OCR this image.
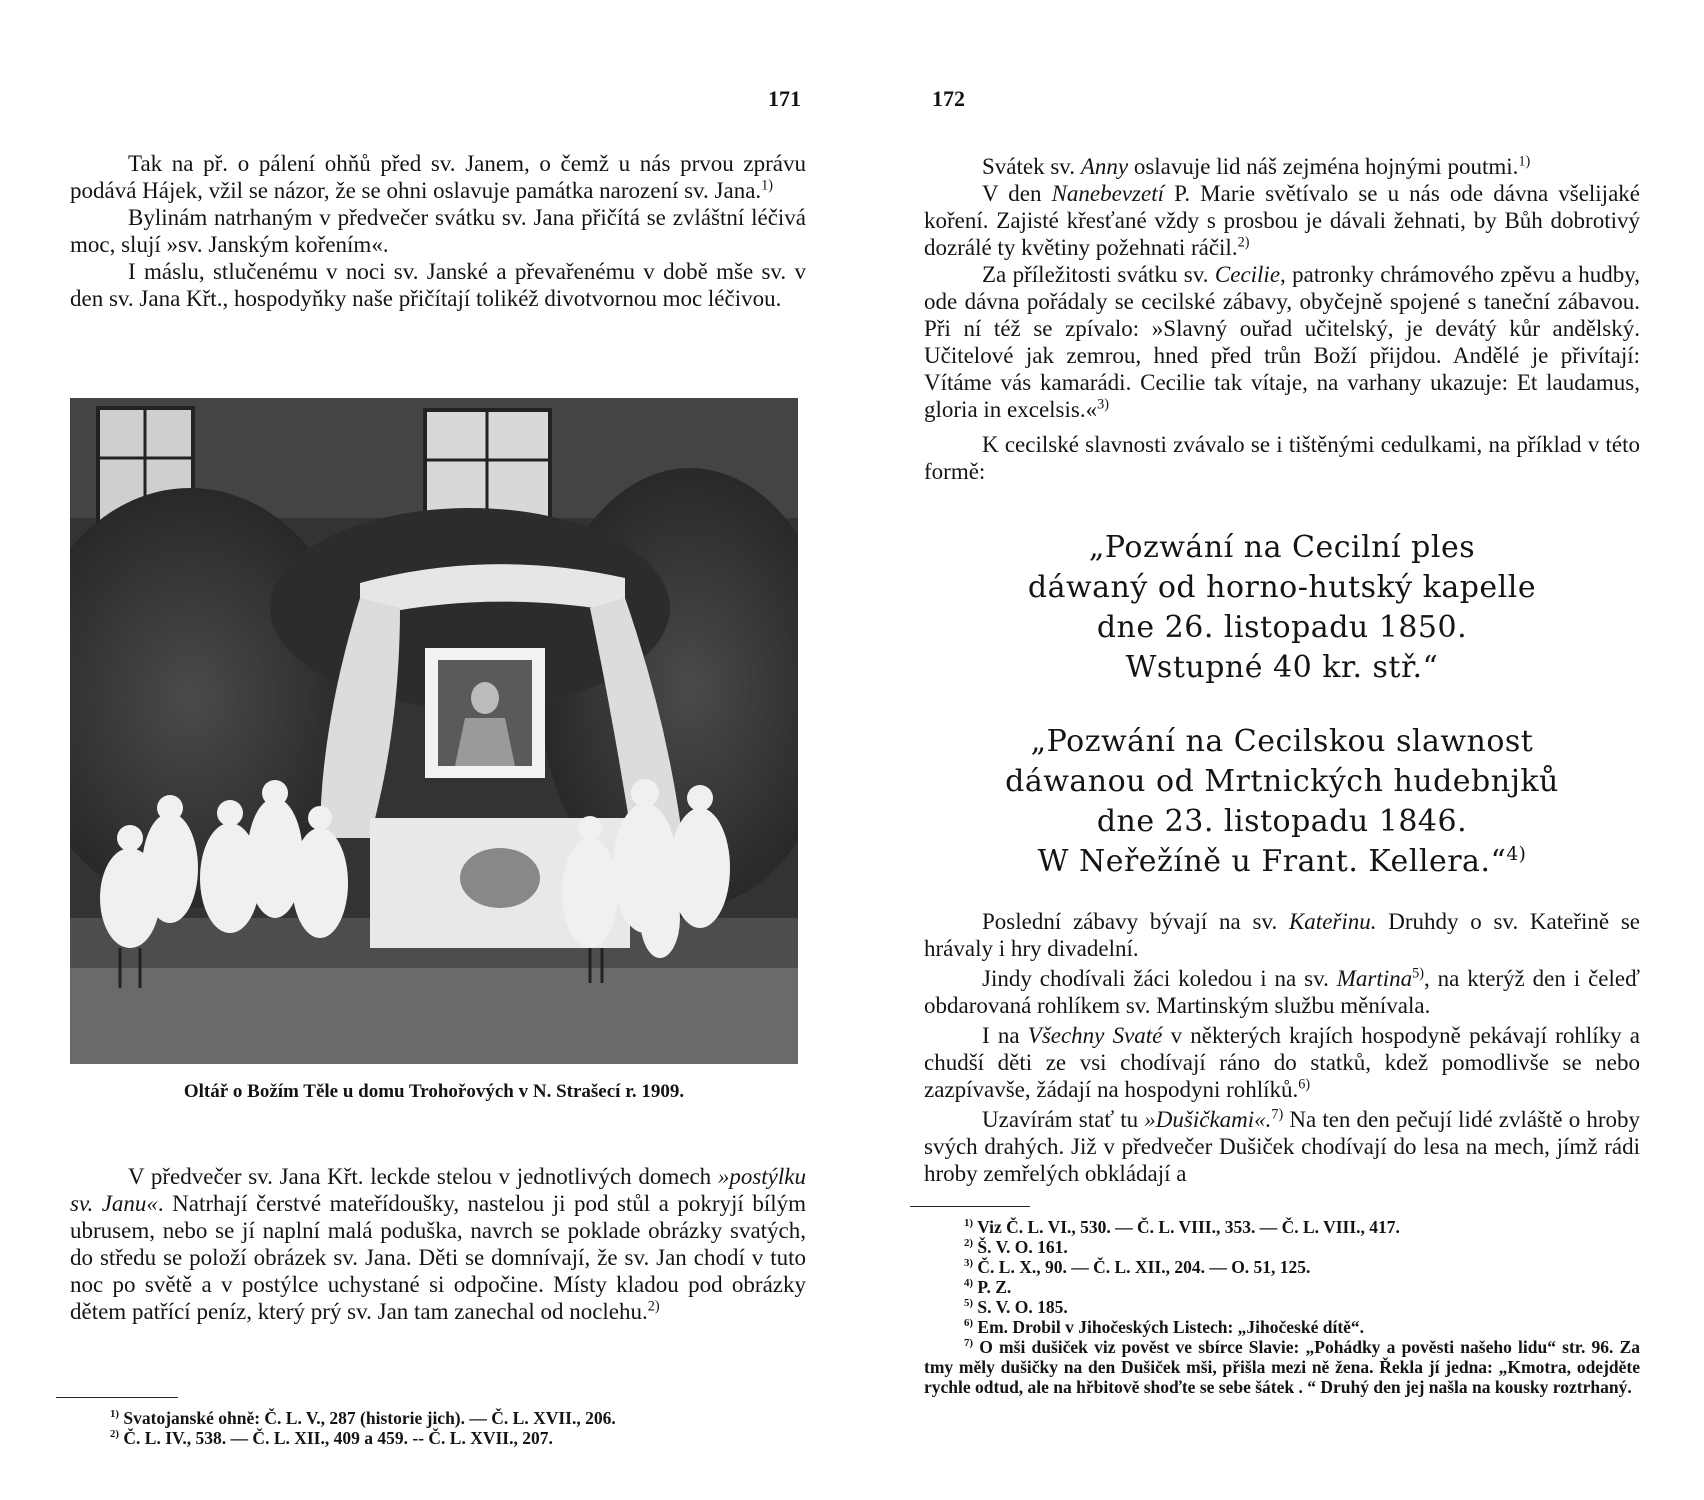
171

Tak na př. o pálení ohňů před sv. Janem, o čemž u nás prvou zprávu podává Hájek, vžil se názor, že se ohni oslavuje památka narození sv. Jana.$^{1)}$

Bylinám natrhaným v předvečer svátku sv. Jana přičítá se zvláštní léčivá moc, slují »sv. Janským kořením«.

I máslu, stlučenému v noci sv. Janské a převařenému v době mše sv. v den sv. Jana Křt., hospodyňky naše přičítají tolikéž divotvornou moc léčivou.

Oltář o Božím Těle u domu Trohořových v N. Strašecí r. 1909.

V předvečer sv. Jana Křt. leckde stelou v jednotlivých domech »postýlku sv. Janu«. Natrhají čerstvé mateřídoušky, nastelou ji pod stůl a pokryjí bílým ubrusem, nebo se jí naplní malá poduška, navrch se poklade obrázky svatých, do středu se položí obrázek sv. Jana. Děti se domnívají, že sv. Jan chodí v tuto noc po světě a v postýlce uchystané si odpočine. Místy kladou pod obrázky dětem patřící peníz, který prý sv. Jan tam zanechal od noclehu.$^{2)}$

$^{1)}$ Svatojanské ohně: Č. L. V., 287 (historie jich). — Č. L. XVII., 206.

$^{2)}$ Č. L. IV., 538. — Č. L. XII., 409 a 459. -- Č. L. XVII., 207.

172

Svátek sv. Anny oslavuje lid náš zejména hojnými poutmi.$^{1)}$

V den Nanebevzetí P. Marie světívalo se u nás ode dávna všelijaké koření. Zajisté křesťané vždy s prosbou je dávali žehnati, by Bůh dobrotivý dozrálé ty květiny požehnati ráčil.$^{2)}$

Za příležitosti svátku sv. Cecilie, patronky chrámového zpěvu a hudby, ode dávna pořádaly se cecilské zábavy, obyčejně spojené s taneční zábavou. Při ní též se zpívalo: »Slavný ouřad učitelský, je devátý kůr andělský. Učitelové jak zemrou, hned před trůn Boží přijdou. Andělé je přivítají: Vítáme vás kamarádi. Cecilie tak vítaje, na varhany ukazuje: Et laudamus, gloria in excelsis.«$^{3)}$

K cecilské slavnosti zvávalo se i tištěnými cedulkami, na příklad v této formě:

„Pozwání na Cecilní ples

dáwaný od horno-hutský kapelle

dne 26. listopadu 1850.

Wstupné 40 kr. stř.“

„Pozwání na Cecilskou slawnost

dáwanou od Mrtnických hudebnjků

dne 23. listopadu 1846.

W Neřežíně u Frant. Kellera.“$^{4)}$

Poslední zábavy bývají na sv. Kateřinu. Druhdy o sv. Kateřině se hrávaly i hry divadelní.

Jindy chodívali žáci koledou i na sv. Martina$^{5)}$, na kterýž den i čeleď obdarovaná rohlíkem sv. Martinským službu měnívala.

I na Všechny Svaté v některých krajích hospodyně pekávají rohlíky a chudší děti ze vsi chodívají ráno do statků, kdež pomodlivše se nebo zazpívavše, žádají na hospodyni rohlíků.$^{6)}$

Uzavírám stať tu »Dušičkami«.$^{7)}$ Na ten den pečují lidé zvláště o hroby svých drahých. Již v předvečer Dušiček chodívají do lesa na mech, jímž rádi hroby zemřelých obkládají a

$^{1)}$ Viz Č. L. VI., 530. — Č. L. VIII., 353. — Č. L. VIII., 417.

$^{2)}$ Š. V. O. 161.

$^{3)}$ Č. L. X., 90. — Č. L. XII., 204. — O. 51, 125.

$^{4)}$ P. Z.

$^{5)}$ S. V. O. 185.

$^{6)}$ Em. Drobil v Jihočeských Listech: „Jihočeské dítě“.

$^{7)}$ O mši dušiček viz pověst ve sbírce Slavie: „Pohádky a pověsti našeho lidu“ str. 96. Za tmy měly dušičky na den Dušiček mši, přišla mezi ně žena. Řekla jí jedna: „Kmotra, odejděte rychle odtud, ale na hřbitově shoďte se sebe šátek . “ Druhý den jej našla na kousky roztrhaný.
